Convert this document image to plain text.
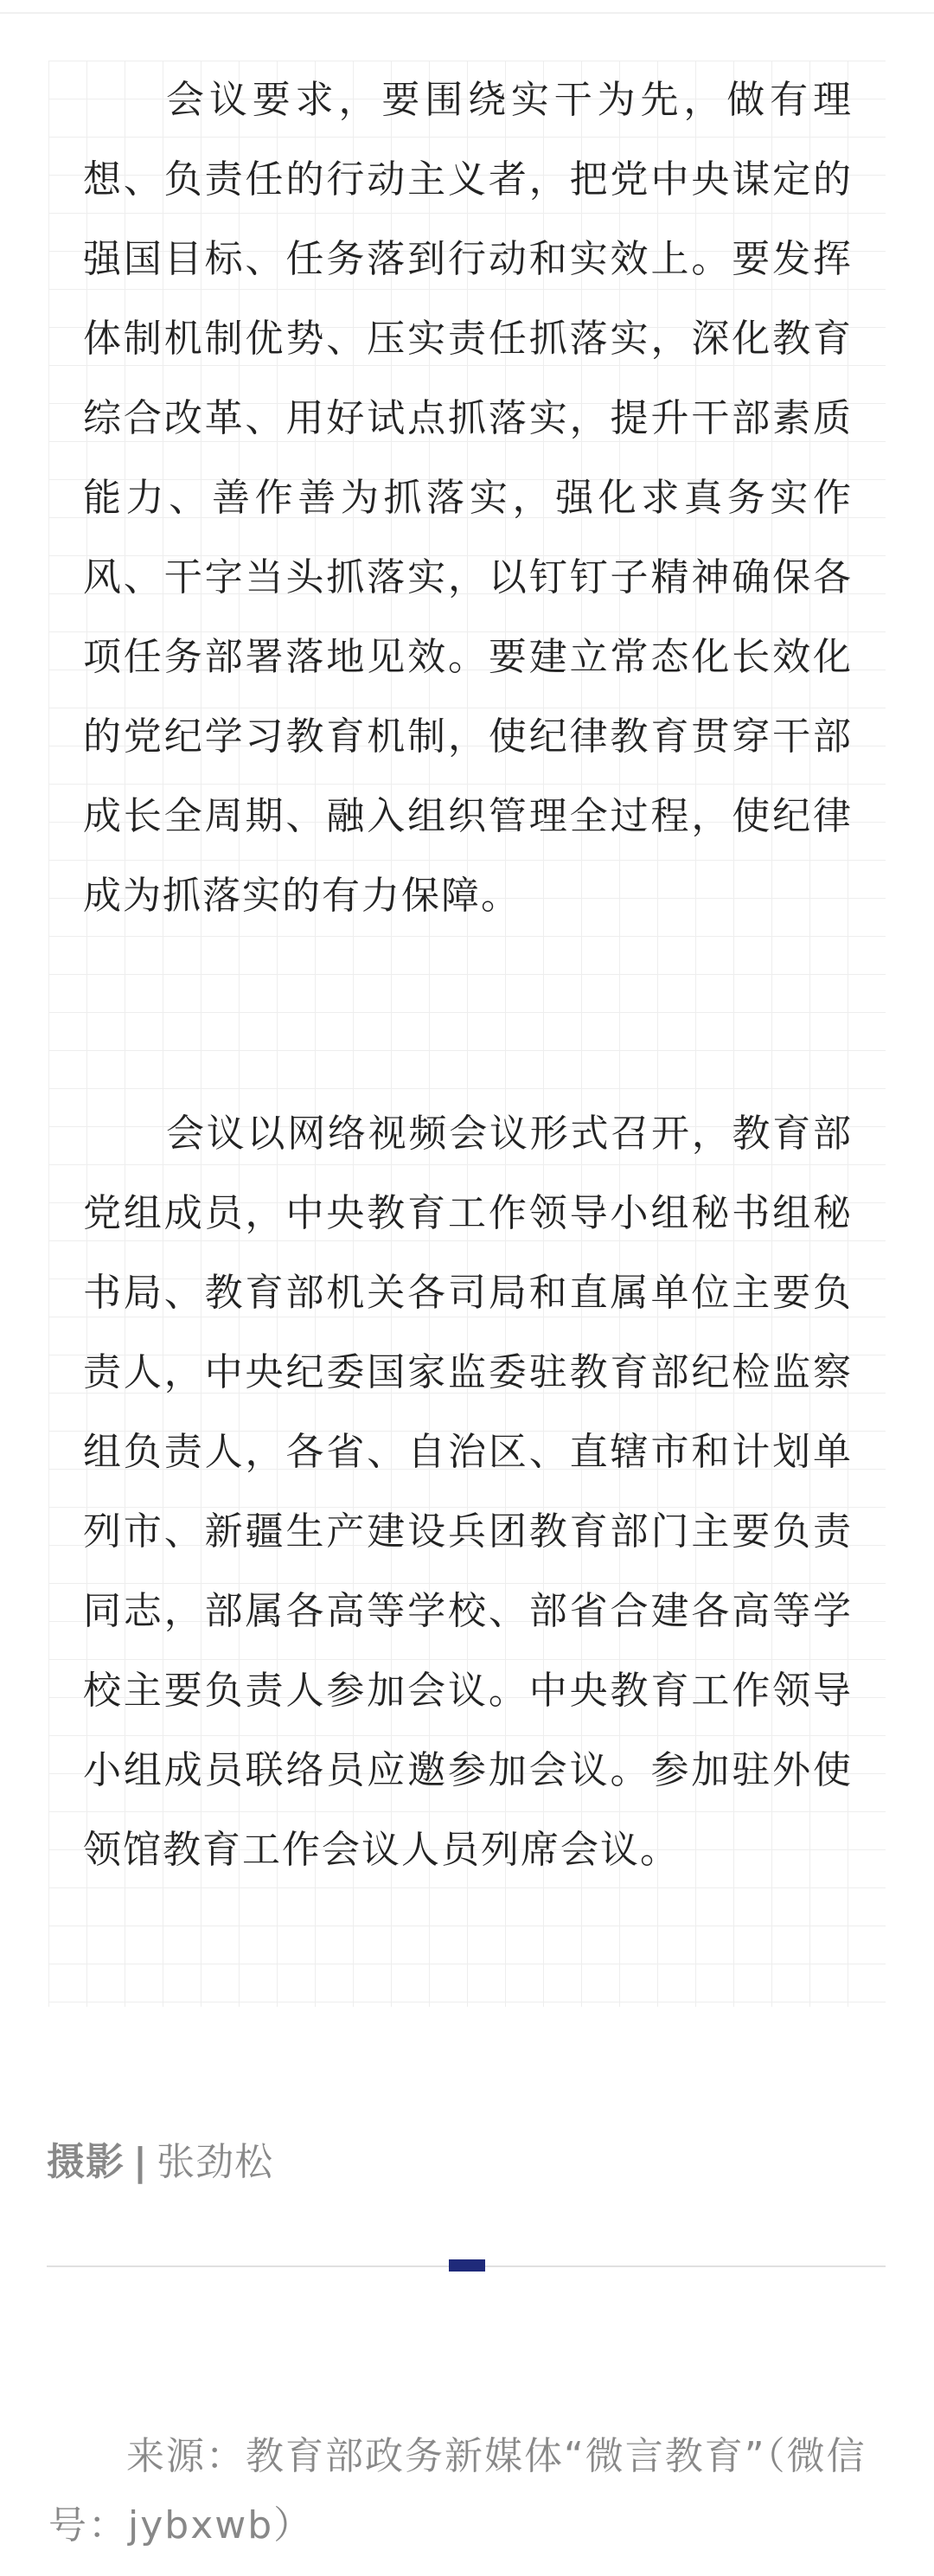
会议要求，要围绕实干为先，做有理想、负责任的行动主义者，把党中央谋定的强国目标、任务落到行动和实效上。要发挥体制机制优势、压实责任抓落实，深化教育综合改革、用好试点抓落实，提升干部素质能力、善作善为抓落实，强化求真务实作风、干字当头抓落实，以钉钉子精神确保各项任务部署落地见效。要建立常态化长效化的党纪学习教育机制，使纪律教育贯穿干部成长全周期、融入组织管理全过程，使纪律成为抓落实的有力保障。

会议以网络视频会议形式召开，教育部党组成员，中央教育工作领导小组秘书组秘书局、教育部机关各司局和直属单位主要负责人，中央纪委国家监委驻教育部纪检监察组负责人，各省、自治区、直辖市和计划单列市、新疆生产建设兵团教育部门主要负责同志，部属各高等学校、部省合建各高等学校主要负责人参加会议。中央教育工作领导小组成员联络员应邀参加会议。参加驻外使领馆教育工作会议人员列席会议。

摄影 | 张劲松

来源：教育部政务新媒体“微言教育”（微信号：jybxwb）
